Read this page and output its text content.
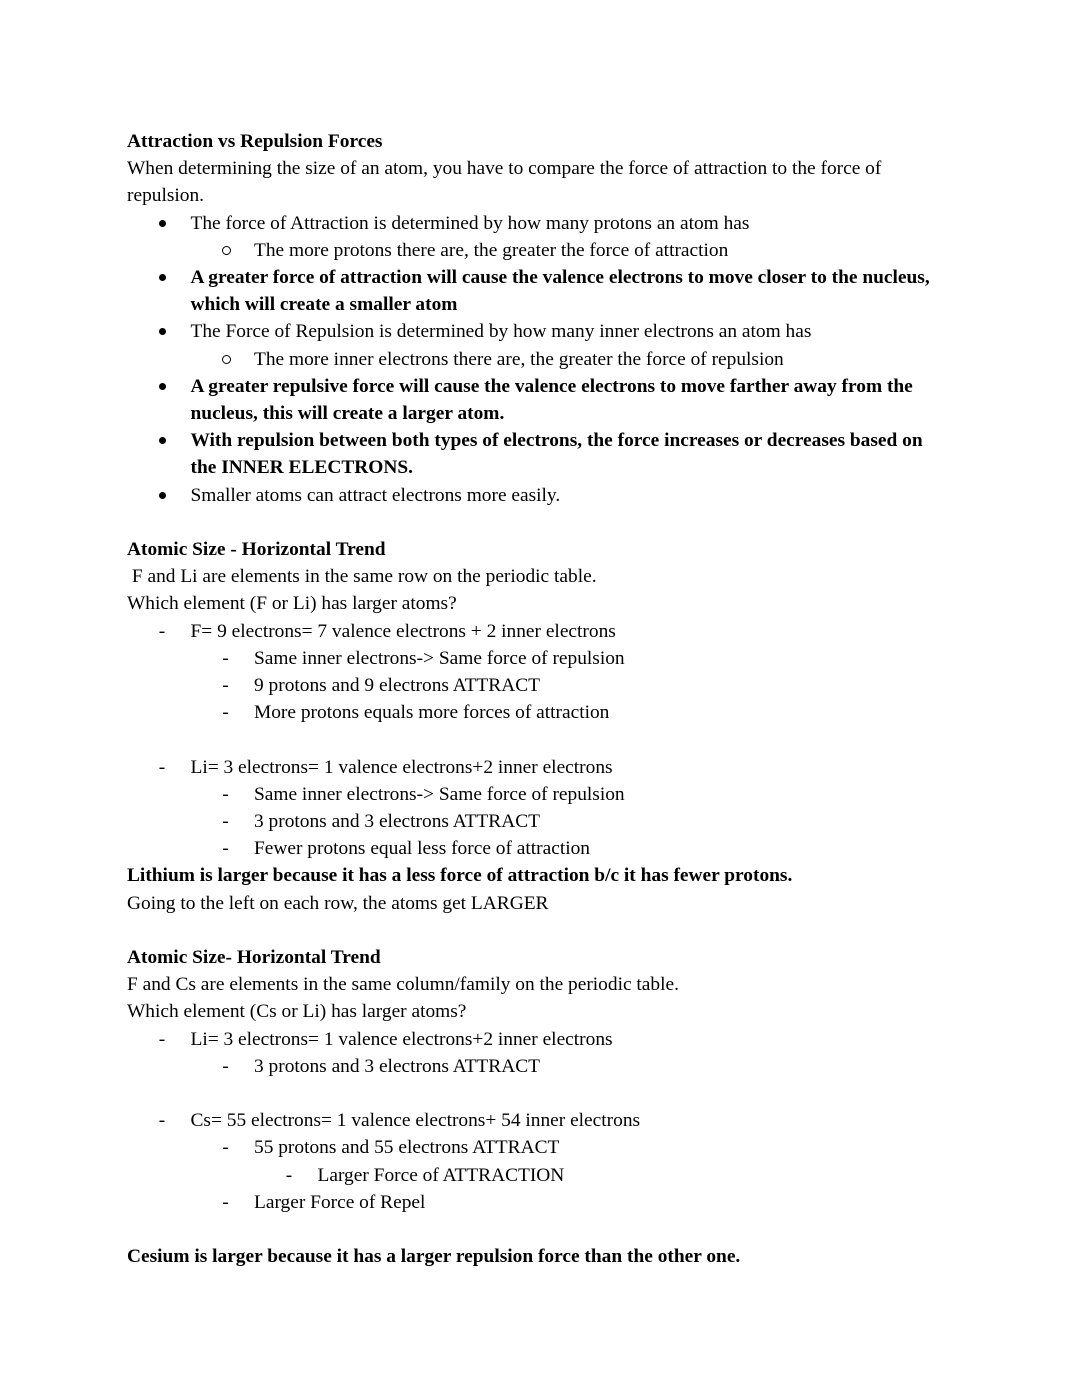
Attraction vs Repulsion Forces
When determining the size of an atom, you have to compare the force of attraction to the force of repulsion.
The force of Attraction is determined by how many protons an atom has
The more protons there are, the greater the force of attraction
A greater force of attraction will cause the valence electrons to move closer to the nucleus, which will create a smaller atom
The Force of Repulsion is determined by how many inner electrons an atom has
The more inner electrons there are, the greater the force of repulsion
A greater repulsive force will cause the valence electrons to move farther away from the nucleus, this will create a larger atom.
With repulsion between both types of electrons, the force increases or decreases based on the INNER ELECTRONS.
Smaller atoms can attract electrons more easily.
Atomic Size - Horizontal Trend
F and Li are elements in the same row on the periodic table.
Which element (F or Li) has larger atoms?
- F= 9 electrons= 7 valence electrons + 2 inner electrons
- Same inner electrons-> Same force of repulsion
- 9 protons and 9 electrons ATTRACT
- More protons equals more forces of attraction
- Li= 3 electrons= 1 valence electrons+2 inner electrons
- Same inner electrons-> Same force of repulsion
- 3 protons and 3 electrons ATTRACT
- Fewer protons equal less force of attraction
Lithium is larger because it has a less force of attraction b/c it has fewer protons.
Going to the left on each row, the atoms get LARGER
Atomic Size- Horizontal Trend
F and Cs are elements in the same column/family on the periodic table.
Which element (Cs or Li) has larger atoms?
- Li= 3 electrons= 1 valence electrons+2 inner electrons
- 3 protons and 3 electrons ATTRACT
- Cs= 55 electrons= 1 valence electrons+ 54 inner electrons
- 55 protons and 55 electrons ATTRACT
- Larger Force of ATTRACTION
- Larger Force of Repel
Cesium is larger because it has a larger repulsion force than the other one.
